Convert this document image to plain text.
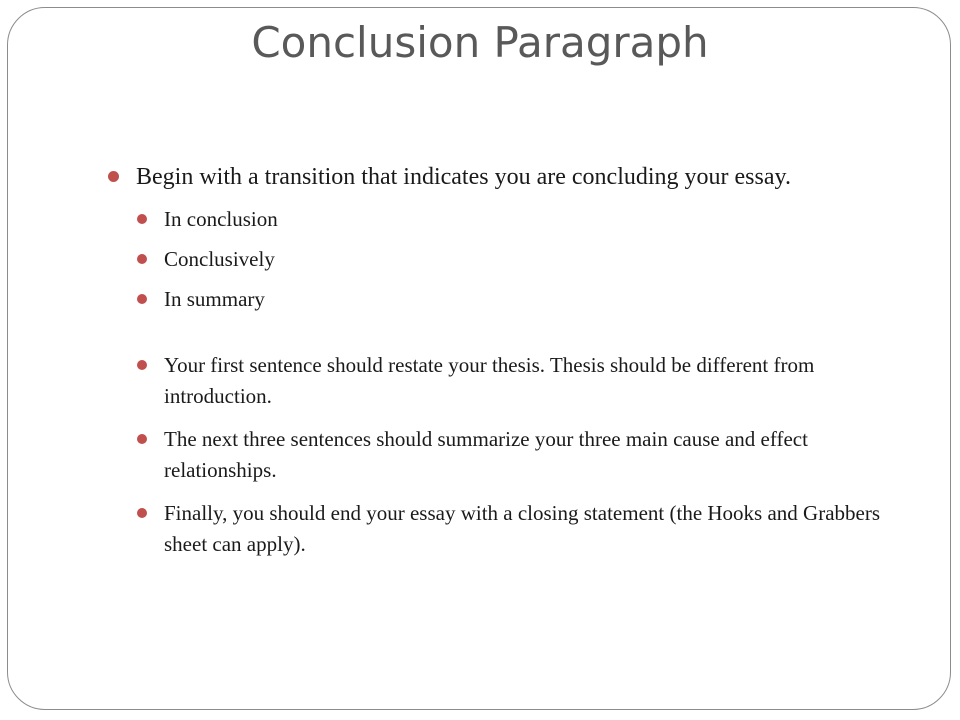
Conclusion Paragraph
Begin with a transition that indicates you are concluding your essay.
In conclusion
Conclusively
In summary
Your first sentence should restate your thesis. Thesis should be different from introduction.
The next three sentences should summarize your three main cause and effect relationships.
Finally, you should end your essay with a closing statement (the Hooks and Grabbers sheet can apply).
